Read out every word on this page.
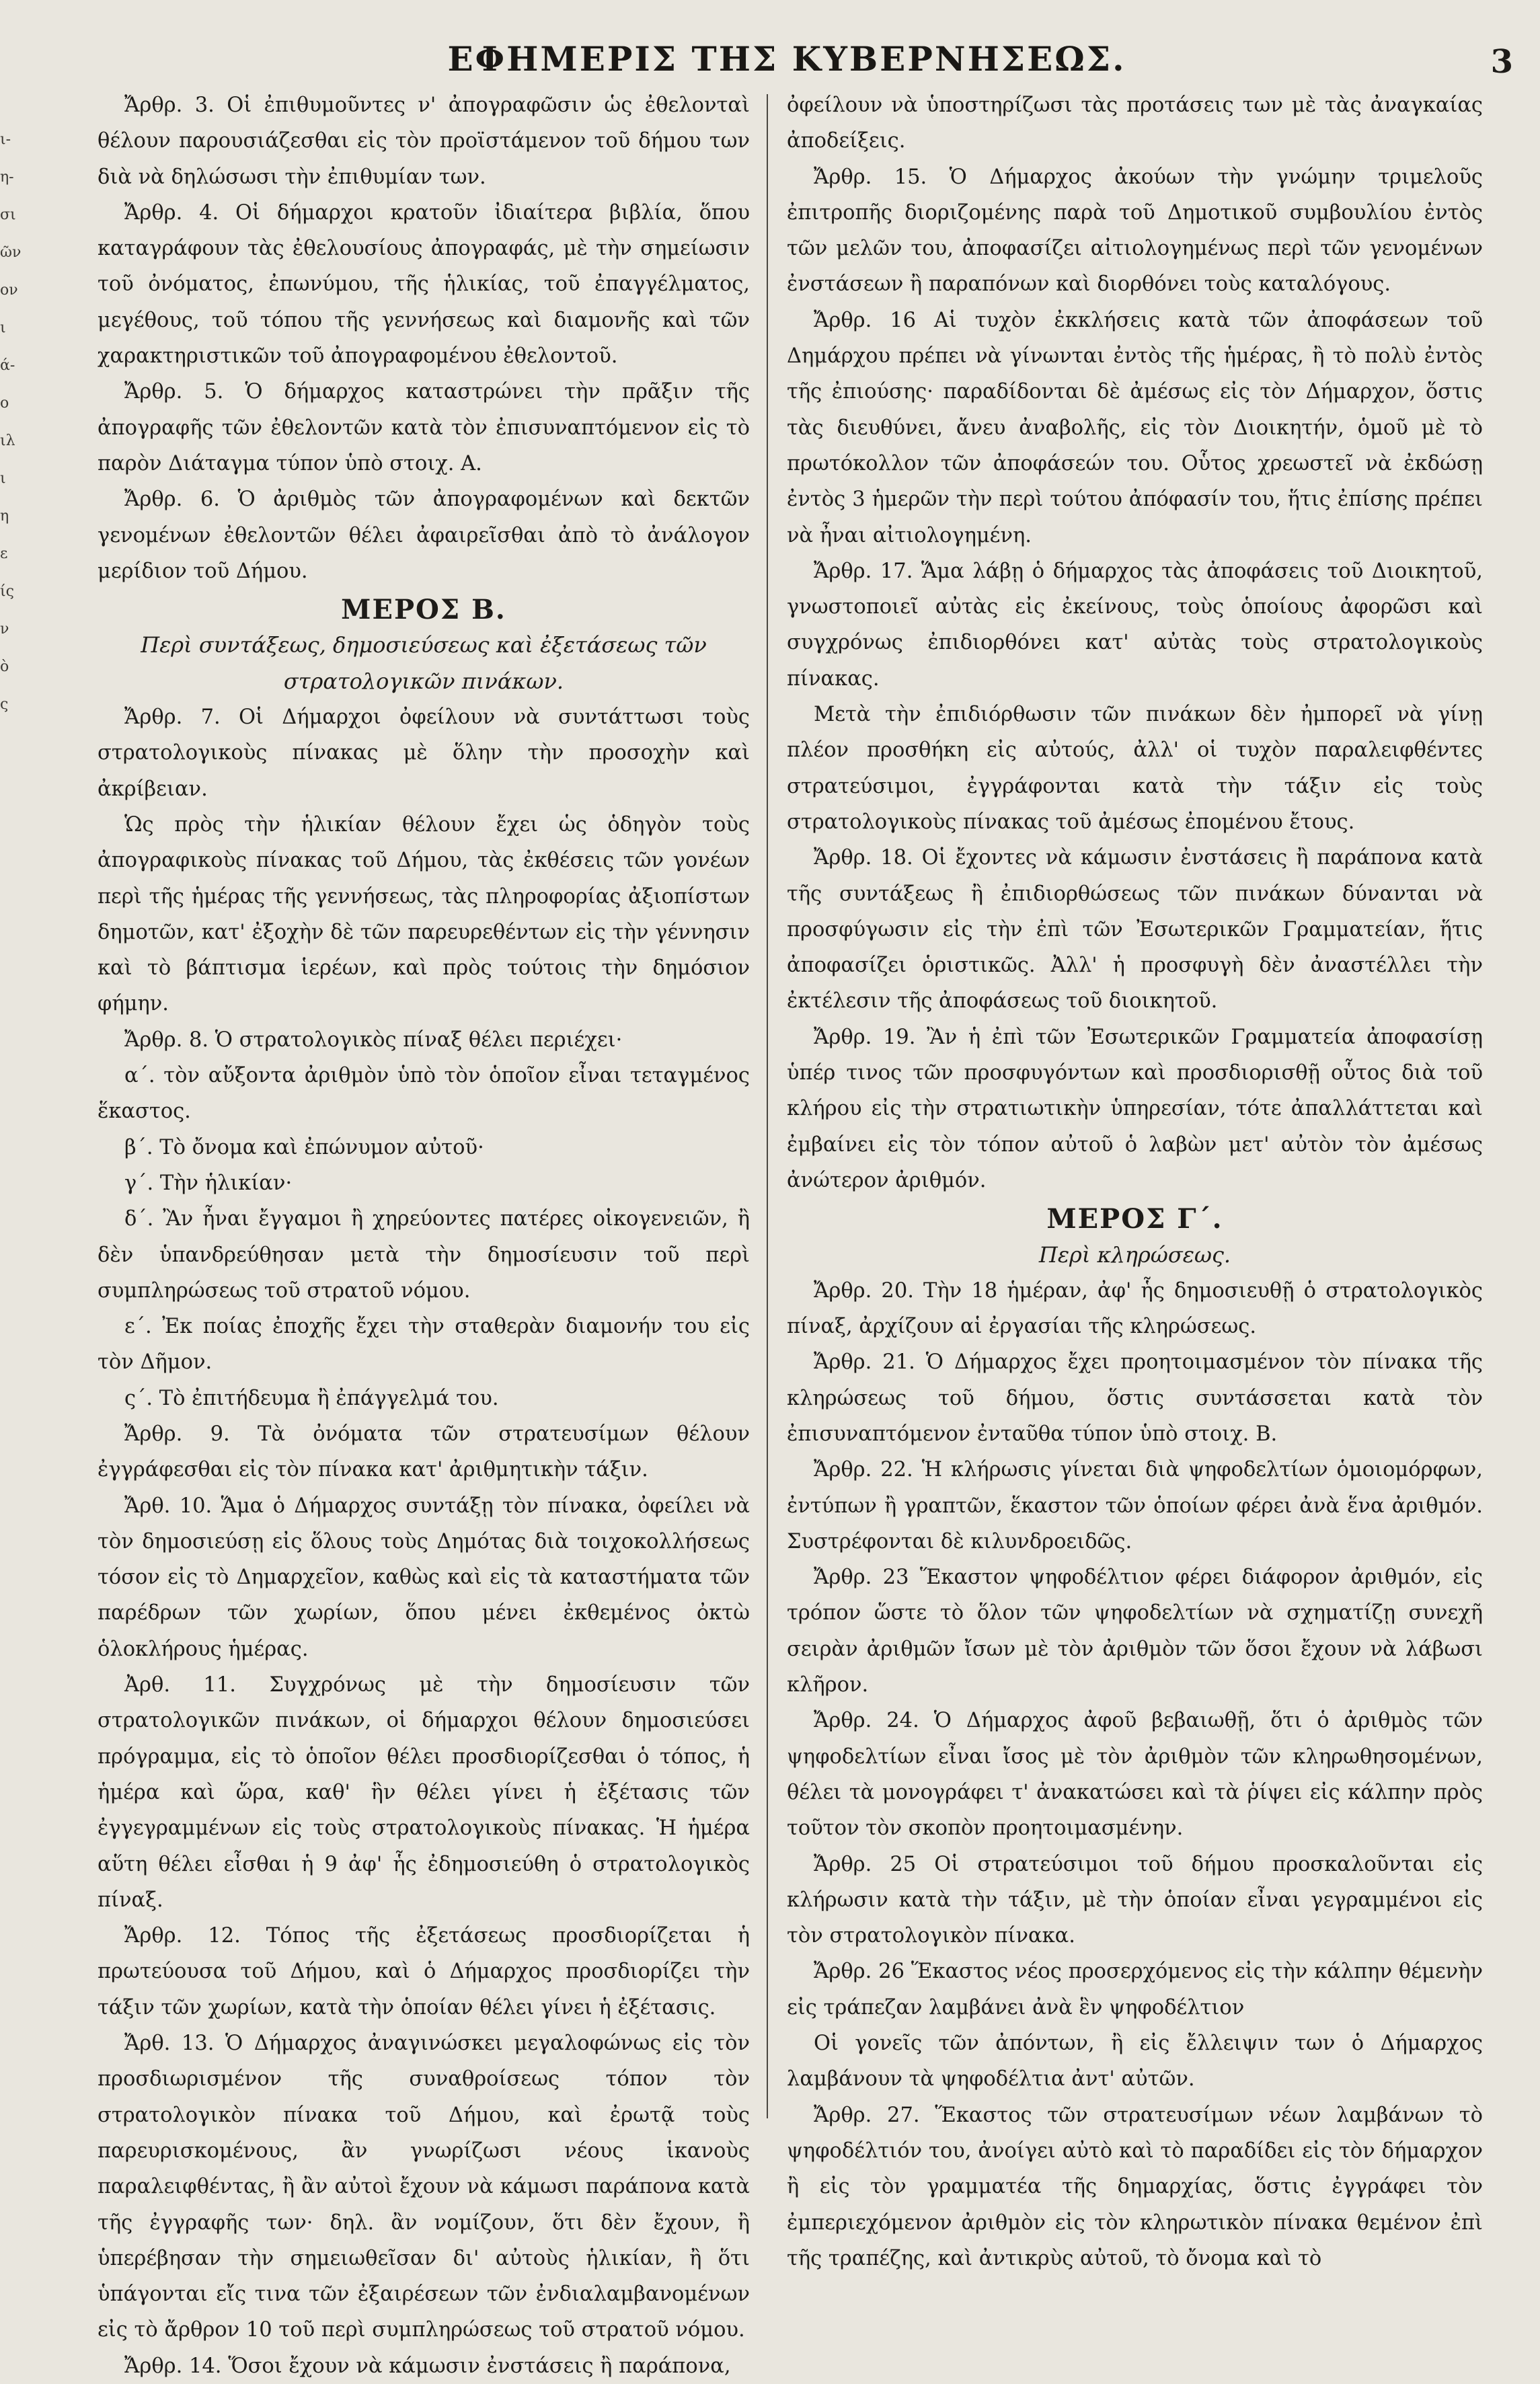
ι-
η-
σι
ῶν
ον
ι
ά-
ο
ιλ
ι
η
ε
ίς
ν
ὸ
ς
ΕΦΗΜΕΡΙΣ ΤΗΣ ΚΥΒΕΡΝΗΣΕΩΣ.	3

Ἄρθρ. 3. Οἱ ἐπιθυμοῦντες ν' ἀπογραφῶσιν ὡς ἐθελονταὶ θέλουν παρουσιάζεσθαι εἰς τὸν προϊστάμενον τοῦ δήμου των διὰ νὰ δηλώσωσι τὴν ἐπιθυμίαν των.

Ἄρθρ. 4. Οἱ δήμαρχοι κρατοῦν ἰδιαίτερα βιβλία, ὅπου καταγράφουν τὰς ἐθελουσίους ἀπογραφάς, μὲ τὴν σημείωσιν τοῦ ὀνόματος, ἐπωνύμου, τῆς ἡλικίας, τοῦ ἐπαγγέλματος, μεγέθους, τοῦ τόπου τῆς γεννήσεως καὶ διαμονῆς καὶ τῶν χαρακτηριστικῶν τοῦ ἀπογραφομένου ἐθελοντοῦ.

Ἄρθρ. 5. Ὁ δήμαρχος καταστρώνει τὴν πρᾶξιν τῆς ἀπογραφῆς τῶν ἐθελοντῶν κατὰ τὸν ἐπισυναπτόμενον εἰς τὸ παρὸν Διάταγμα τύπον ὑπὸ στοιχ. Α.

Ἄρθρ. 6. Ὁ ἀριθμὸς τῶν ἀπογραφομένων καὶ δεκτῶν γενομένων ἐθελοντῶν θέλει ἀφαιρεῖσθαι ἀπὸ τὸ ἀνάλογον μερίδιον τοῦ Δήμου.

ΜΕΡΟΣ Β.

Περὶ συντάξεως, δημοσιεύσεως καὶ ἐξετάσεως τῶν στρατολογικῶν πινάκων.

Ἄρθρ. 7. Οἱ Δήμαρχοι ὀφείλουν νὰ συντάττωσι τοὺς στρατολογικοὺς πίνακας μὲ ὅλην τὴν προσοχὴν καὶ ἀκρίβειαν.

Ὡς πρὸς τὴν ἡλικίαν θέλουν ἔχει ὡς ὁδηγὸν τοὺς ἀπογραφικοὺς πίνακας τοῦ Δήμου, τὰς ἐκθέσεις τῶν γονέων περὶ τῆς ἡμέρας τῆς γεννήσεως, τὰς πληροφορίας ἀξιοπίστων δημοτῶν, κατ' ἐξοχὴν δὲ τῶν παρευρεθέντων εἰς τὴν γέννησιν καὶ τὸ βάπτισμα ἱερέων, καὶ πρὸς τούτοις τὴν δημόσιον φήμην.

Ἄρθρ. 8. Ὁ στρατολογικὸς πίναξ θέλει περιέχει·

α΄. τὸν αὔξοντα ἀριθμὸν ὑπὸ τὸν ὁποῖον εἶναι τεταγμένος ἕκαστος.

β΄. Τὸ ὄνομα καὶ ἐπώνυμον αὐτοῦ·

γ΄. Τὴν ἡλικίαν·

δ΄. Ἂν ἦναι ἔγγαμοι ἢ χηρεύοντες πατέρες οἰκογενειῶν, ἢ δὲν ὑπανδρεύθησαν μετὰ τὴν δημοσίευσιν τοῦ περὶ συμπληρώσεως τοῦ στρατοῦ νόμου.

ε΄. Ἐκ ποίας ἐποχῆς ἔχει τὴν σταθερὰν διαμονήν του εἰς τὸν Δῆμον.

ς΄. Τὸ ἐπιτήδευμα ἢ ἐπάγγελμά του.

Ἄρθρ. 9. Τὰ ὀνόματα τῶν στρατευσίμων θέλουν ἐγγράφεσθαι εἰς τὸν πίνακα κατ' ἀριθμητικὴν τάξιν.

Ἄρθ. 10. Ἅμα ὁ Δήμαρχος συντάξῃ τὸν πίνακα, ὀφείλει νὰ τὸν δημοσιεύσῃ εἰς ὅλους τοὺς Δημότας διὰ τοιχοκολλήσεως τόσον εἰς τὸ Δημαρχεῖον, καθὼς καὶ εἰς τὰ καταστήματα τῶν παρέδρων τῶν χωρίων, ὅπου μένει ἐκθεμένος ὀκτὼ ὁλοκλήρους ἡμέρας.

Ἀρθ. 11. Συγχρόνως μὲ τὴν δημοσίευσιν τῶν στρατολογικῶν πινάκων, οἱ δήμαρχοι θέλουν δημοσιεύσει πρόγραμμα, εἰς τὸ ὁποῖον θέλει προσδιορίζεσθαι ὁ τόπος, ἡ ἡμέρα καὶ ὥρα, καθ' ἣν θέλει γίνει ἡ ἐξέτασις τῶν ἐγγεγραμμένων εἰς τοὺς στρατολογικοὺς πίνακας. Ἡ ἡμέρα αὕτη θέλει εἶσθαι ἡ 9 ἀφ' ἧς ἐδημοσιεύθη ὁ στρατολογικὸς πίναξ.

Ἄρθρ. 12. Τόπος τῆς ἐξετάσεως προσδιορίζεται ἡ πρωτεύουσα τοῦ Δήμου, καὶ ὁ Δήμαρχος προσδιορίζει τὴν τάξιν τῶν χωρίων, κατὰ τὴν ὁποίαν θέλει γίνει ἡ ἐξέτασις.

Ἄρθ. 13. Ὁ Δήμαρχος ἀναγινώσκει μεγαλοφώνως εἰς τὸν προσδιωρισμένον τῆς συναθροίσεως τόπον τὸν στρατολογικὸν πίνακα τοῦ Δήμου, καὶ ἐρωτᾷ τοὺς παρευρισκομένους, ἂν γνωρίζωσι νέους ἱκανοὺς παραλειφθέντας, ἢ ἂν αὐτοὶ ἔχουν νὰ κάμωσι παράπονα κατὰ τῆς ἐγγραφῆς των· δηλ. ἂν νομίζουν, ὅτι δὲν ἔχουν, ἢ ὑπερέβησαν τὴν σημειωθεῖσαν δι' αὐτοὺς ἡλικίαν, ἢ ὅτι ὑπάγονται εἴς τινα τῶν ἐξαιρέσεων τῶν ἐνδιαλαμβανομένων εἰς τὸ ἄρθρον 10 τοῦ περὶ συμπληρώσεως τοῦ στρατοῦ νόμου.

Ἄρθρ. 14. Ὅσοι ἔχουν νὰ κάμωσιν ἐνστάσεις ἢ παράπονα,

ὀφείλουν νὰ ὑποστηρίζωσι τὰς προτάσεις των μὲ τὰς ἀναγκαίας ἀποδείξεις.

Ἄρθρ. 15. Ὁ Δήμαρχος ἀκούων τὴν γνώμην τριμελοῦς ἐπιτροπῆς διοριζομένης παρὰ τοῦ Δημοτικοῦ συμβουλίου ἐντὸς τῶν μελῶν του, ἀποφασίζει αἰτιολογημένως περὶ τῶν γενομένων ἐνστάσεων ἢ παραπόνων καὶ διορθόνει τοὺς καταλόγους.

Ἄρθρ. 16 Αἱ τυχὸν ἐκκλήσεις κατὰ τῶν ἀποφάσεων τοῦ Δημάρχου πρέπει νὰ γίνωνται ἐντὸς τῆς ἡμέρας, ἢ τὸ πολὺ ἐντὸς τῆς ἐπιούσης· παραδίδονται δὲ ἀμέσως εἰς τὸν Δήμαρχον, ὅστις τὰς διευθύνει, ἄνευ ἀναβολῆς, εἰς τὸν Διοικητήν, ὁμοῦ μὲ τὸ πρωτόκολλον τῶν ἀποφάσεών του. Οὗτος χρεωστεῖ νὰ ἐκδώσῃ ἐντὸς 3 ἡμερῶν τὴν περὶ τούτου ἀπόφασίν του, ἥτις ἐπίσης πρέπει νὰ ἦναι αἰτιολογημένη.

Ἄρθρ. 17. Ἅμα λάβῃ ὁ δήμαρχος τὰς ἀποφάσεις τοῦ Διοικητοῦ, γνωστοποιεῖ αὐτὰς εἰς ἐκείνους, τοὺς ὁποίους ἀφορῶσι καὶ συγχρόνως ἐπιδιορθόνει κατ' αὐτὰς τοὺς στρατολογικοὺς πίνακας.

Μετὰ τὴν ἐπιδιόρθωσιν τῶν πινάκων δὲν ἠμπορεῖ νὰ γίνῃ πλέον προσθήκη εἰς αὐτούς, ἀλλ' οἱ τυχὸν παραλειφθέντες στρατεύσιμοι, ἐγγράφονται κατὰ τὴν τάξιν εἰς τοὺς στρατολογικοὺς πίνακας τοῦ ἀμέσως ἐπομένου ἔτους.

Ἄρθρ. 18. Οἱ ἔχοντες νὰ κάμωσιν ἐνστάσεις ἢ παράπονα κατὰ τῆς συντάξεως ἢ ἐπιδιορθώσεως τῶν πινάκων δύνανται νὰ προσφύγωσιν εἰς τὴν ἐπὶ τῶν Ἐσωτερικῶν Γραμματείαν, ἥτις ἀποφασίζει ὁριστικῶς. Ἀλλ' ἡ προσφυγὴ δὲν ἀναστέλλει τὴν ἐκτέλεσιν τῆς ἀποφάσεως τοῦ διοικητοῦ.

Ἄρθρ. 19. Ἂν ἡ ἐπὶ τῶν Ἐσωτερικῶν Γραμματεία ἀποφασίσῃ ὑπέρ τινος τῶν προσφυγόντων καὶ προσδιορισθῇ οὗτος διὰ τοῦ κλήρου εἰς τὴν στρατιωτικὴν ὑπηρεσίαν, τότε ἀπαλλάττεται καὶ ἐμβαίνει εἰς τὸν τόπον αὐτοῦ ὁ λαβὼν μετ' αὐτὸν τὸν ἀμέσως ἀνώτερον ἀριθμόν.

ΜΕΡΟΣ Γ΄.

Περὶ κληρώσεως.

Ἄρθρ. 20. Τὴν 18 ἡμέραν, ἀφ' ἧς δημοσιευθῇ ὁ στρατολογικὸς πίναξ, ἀρχίζουν αἱ ἐργασίαι τῆς κληρώσεως.

Ἄρθρ. 21. Ὁ Δήμαρχος ἔχει προητοιμασμένον τὸν πίνακα τῆς κληρώσεως τοῦ δήμου, ὅστις συντάσσεται κατὰ τὸν ἐπισυναπτόμενον ἐνταῦθα τύπον ὑπὸ στοιχ. Β.

Ἄρθρ. 22. Ἡ κλήρωσις γίνεται διὰ ψηφοδελτίων ὁμοιομόρφων, ἐντύπων ἢ γραπτῶν, ἕκαστον τῶν ὁποίων φέρει ἀνὰ ἕνα ἀριθμόν. Συστρέφονται δὲ κιλυνδροειδῶς.

Ἄρθρ. 23 Ἕκαστον ψηφοδέλτιον φέρει διάφορον ἀριθμόν, εἰς τρόπον ὥστε τὸ ὅλον τῶν ψηφοδελτίων νὰ σχηματίζῃ συνεχῆ σειρὰν ἀριθμῶν ἴσων μὲ τὸν ἀριθμὸν τῶν ὅσοι ἔχουν νὰ λάβωσι κλῆρον.

Ἄρθρ. 24. Ὁ Δήμαρχος ἀφοῦ βεβαιωθῇ, ὅτι ὁ ἀριθμὸς τῶν ψηφοδελτίων εἶναι ἴσος μὲ τὸν ἀριθμὸν τῶν κληρωθησομένων, θέλει τὰ μονογράφει τ' ἀνακατώσει καὶ τὰ ῥίψει εἰς κάλπην πρὸς τοῦτον τὸν σκοπὸν προητοιμασμένην.

Ἄρθρ. 25 Οἱ στρατεύσιμοι τοῦ δήμου προσκαλοῦνται εἰς κλήρωσιν κατὰ τὴν τάξιν, μὲ τὴν ὁποίαν εἶναι γεγραμμένοι εἰς τὸν στρατολογικὸν πίνακα.

Ἄρθρ. 26 Ἕκαστος νέος προσερχόμενος εἰς τὴν κάλπην θέμενὴν εἰς τράπεζαν λαμβάνει ἀνὰ ἓν ψηφοδέλτιον

Οἱ γονεῖς τῶν ἀπόντων, ἢ εἰς ἔλλειψιν των ὁ Δήμαρχος λαμβάνουν τὰ ψηφοδέλτια ἀντ' αὐτῶν.

Ἄρθρ. 27. Ἕκαστος τῶν στρατευσίμων νέων λαμβάνων τὸ ψηφοδέλτιόν του, ἀνοίγει αὐτὸ καὶ τὸ παραδίδει εἰς τὸν δήμαρχον ἢ εἰς τὸν γραμματέα τῆς δημαρχίας, ὅστις ἐγγράφει τὸν ἐμπεριεχόμενον ἀριθμὸν εἰς τὸν κληρωτικὸν πίνακα θεμένον ἐπὶ τῆς τραπέζης, καὶ ἀντικρὺς αὐτοῦ, τὸ ὄνομα καὶ τὸ
